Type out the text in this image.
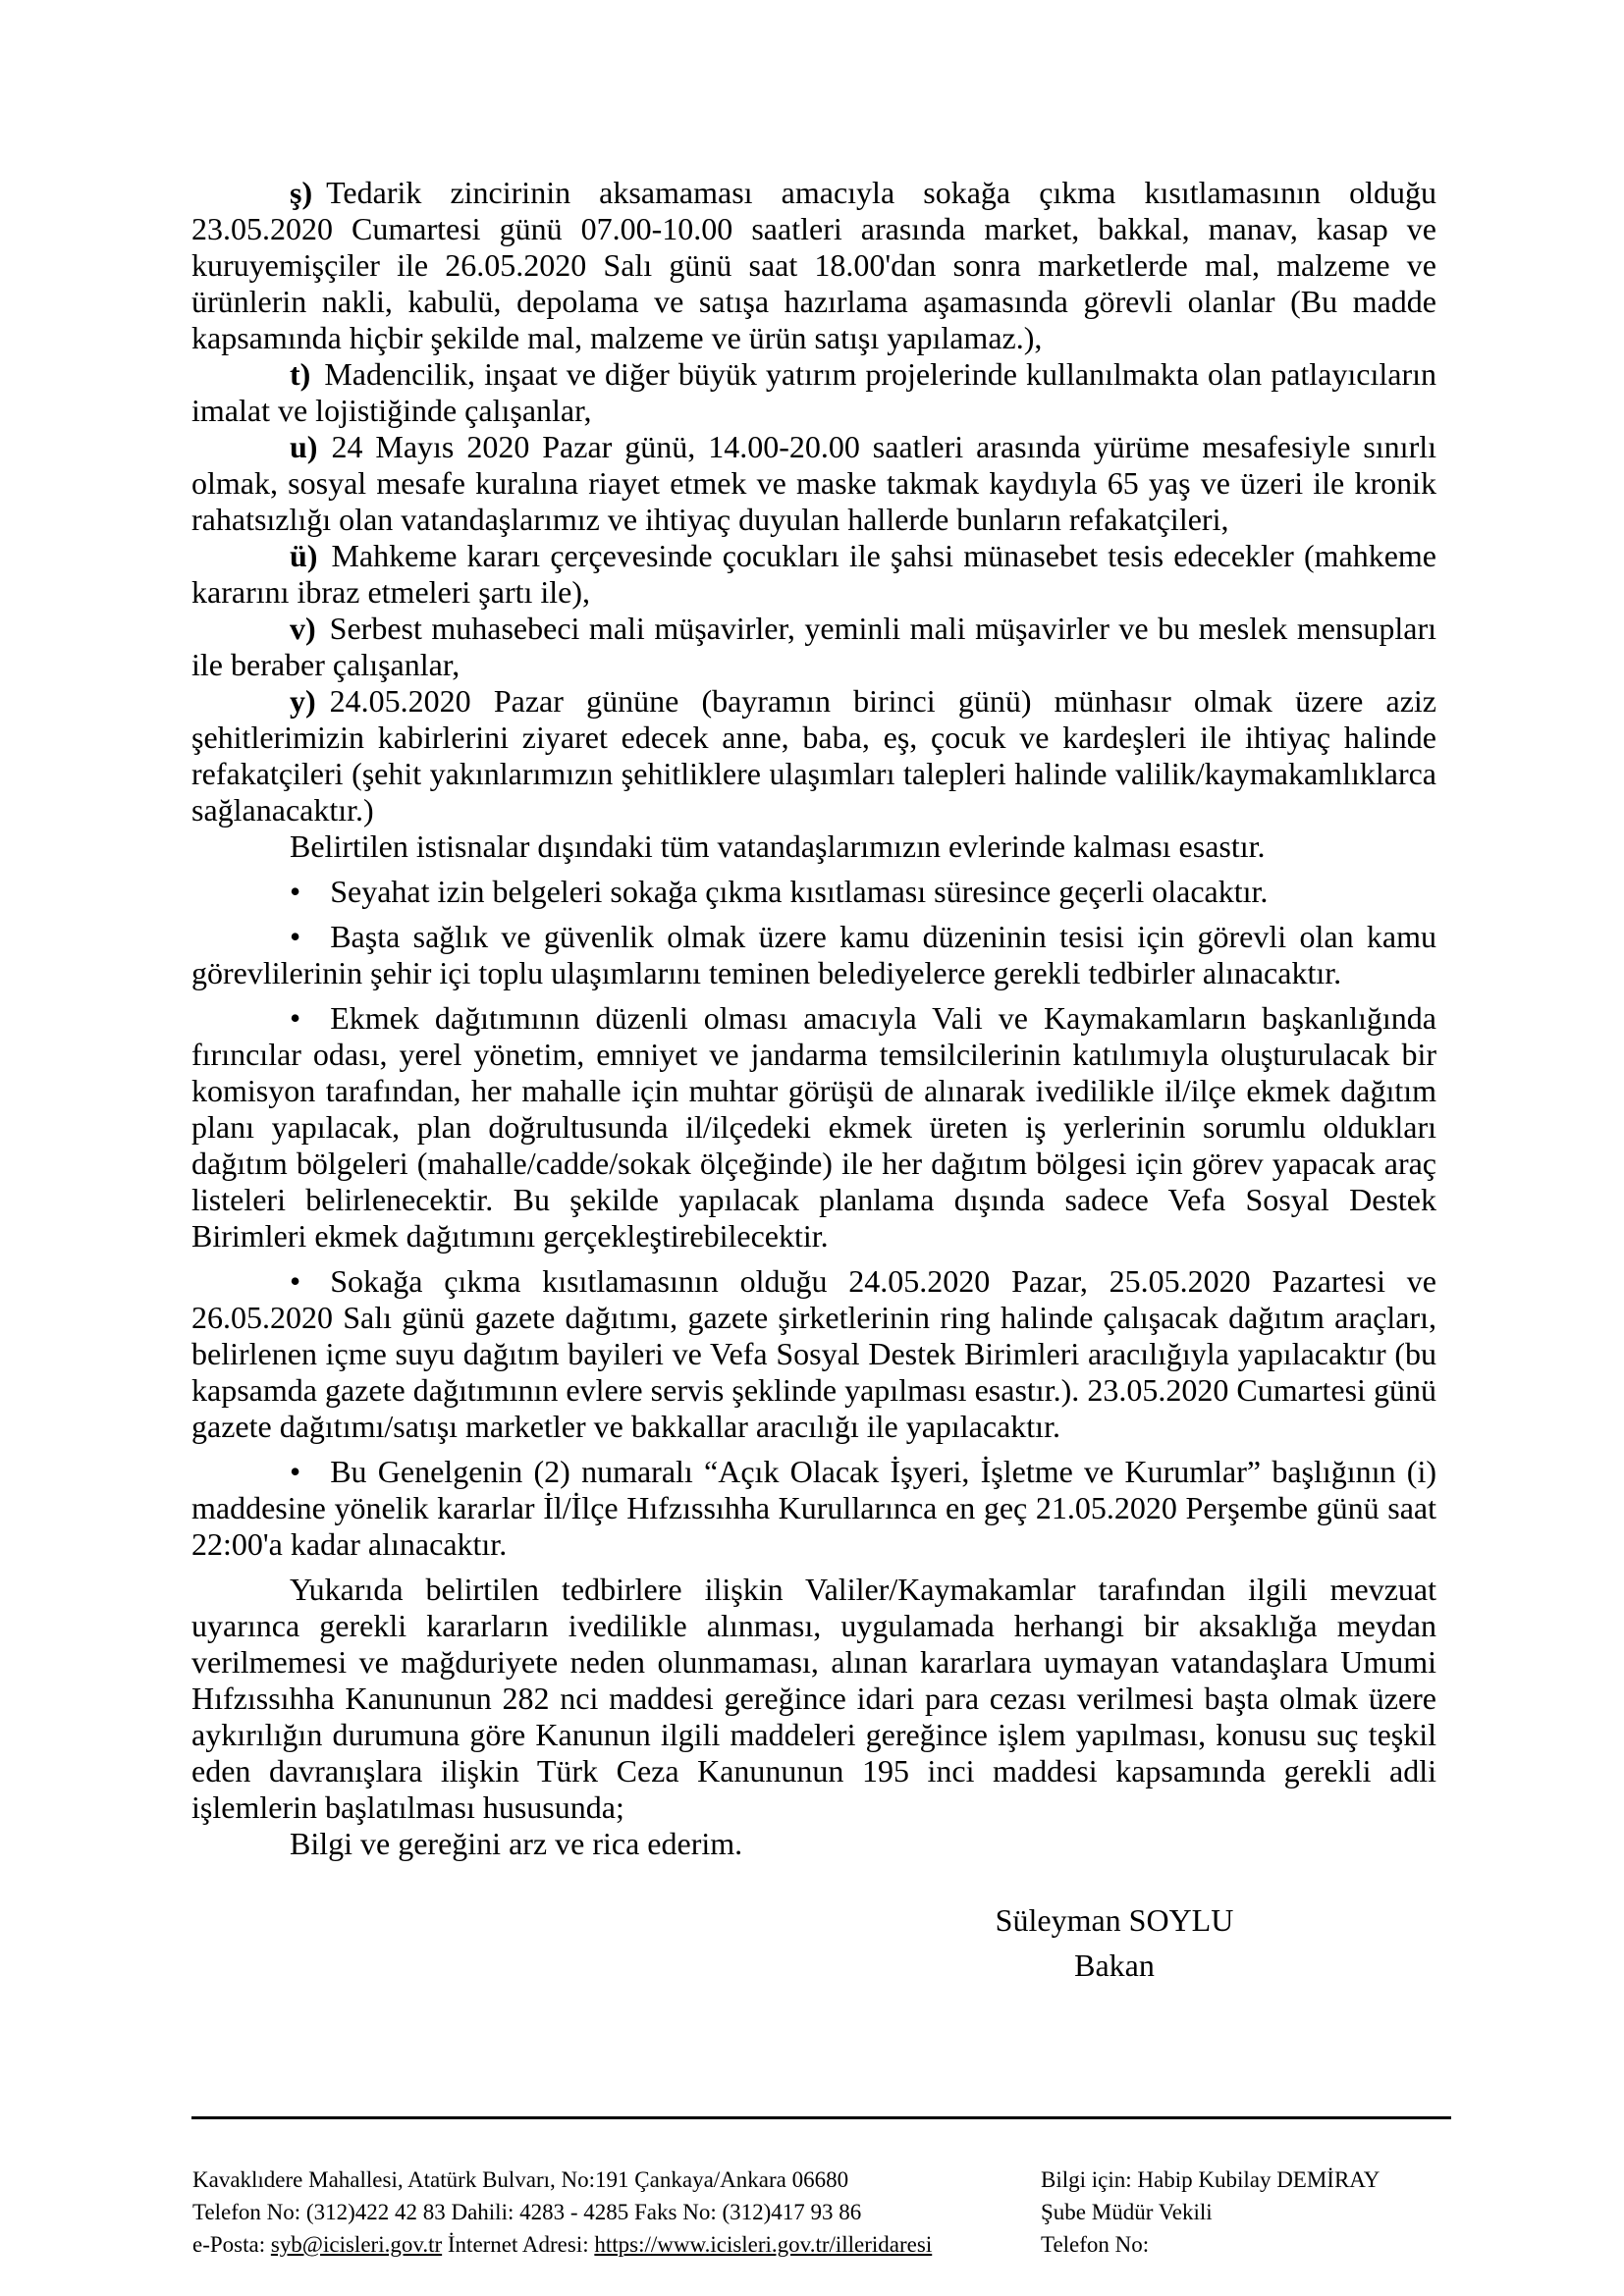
ş) Tedarik zincirinin aksamaması amacıyla sokağa çıkma kısıtlamasının olduğu 23.05.2020 Cumartesi günü 07.00-10.00 saatleri arasında market, bakkal, manav, kasap ve kuruyemişçiler ile 26.05.2020 Salı günü saat 18.00'dan sonra marketlerde mal, malzeme ve ürünlerin nakli, kabulü, depolama ve satışa hazırlama aşamasında görevli olanlar (Bu madde kapsamında hiçbir şekilde mal, malzeme ve ürün satışı yapılamaz.),

t) Madencilik, inşaat ve diğer büyük yatırım projelerinde kullanılmakta olan patlayıcıların imalat ve lojistiğinde çalışanlar,

u) 24 Mayıs 2020 Pazar günü, 14.00-20.00 saatleri arasında yürüme mesafesiyle sınırlı olmak, sosyal mesafe kuralına riayet etmek ve maske takmak kaydıyla 65 yaş ve üzeri ile kronik rahatsızlığı olan vatandaşlarımız ve ihtiyaç duyulan hallerde bunların refakatçileri,

ü) Mahkeme kararı çerçevesinde çocukları ile şahsi münasebet tesis edecekler (mahkeme kararını ibraz etmeleri şartı ile),

v) Serbest muhasebeci mali müşavirler, yeminli mali müşavirler ve bu meslek mensupları ile beraber çalışanlar,

y) 24.05.2020 Pazar gününe (bayramın birinci günü) münhasır olmak üzere aziz şehitlerimizin kabirlerini ziyaret edecek anne, baba, eş, çocuk ve kardeşleri ile ihtiyaç halinde refakatçileri (şehit yakınlarımızın şehitliklere ulaşımları talepleri halinde valilik/kaymakamlıklarca sağlanacaktır.)

Belirtilen istisnalar dışındaki tüm vatandaşlarımızın evlerinde kalması esastır.

• Seyahat izin belgeleri sokağa çıkma kısıtlaması süresince geçerli olacaktır.

• Başta sağlık ve güvenlik olmak üzere kamu düzeninin tesisi için görevli olan kamu görevlilerinin şehir içi toplu ulaşımlarını teminen belediyelerce gerekli tedbirler alınacaktır.

• Ekmek dağıtımının düzenli olması amacıyla Vali ve Kaymakamların başkanlığında fırıncılar odası, yerel yönetim, emniyet ve jandarma temsilcilerinin katılımıyla oluşturulacak bir komisyon tarafından, her mahalle için muhtar görüşü de alınarak ivedilikle il/ilçe ekmek dağıtım planı yapılacak, plan doğrultusunda il/ilçedeki ekmek üreten iş yerlerinin sorumlu oldukları dağıtım bölgeleri (mahalle/cadde/sokak ölçeğinde) ile her dağıtım bölgesi için görev yapacak araç listeleri belirlenecektir. Bu şekilde yapılacak planlama dışında sadece Vefa Sosyal Destek Birimleri ekmek dağıtımını gerçekleştirebilecektir.

• Sokağa çıkma kısıtlamasının olduğu 24.05.2020 Pazar, 25.05.2020 Pazartesi ve 26.05.2020 Salı günü gazete dağıtımı, gazete şirketlerinin ring halinde çalışacak dağıtım araçları, belirlenen içme suyu dağıtım bayileri ve Vefa Sosyal Destek Birimleri aracılığıyla yapılacaktır (bu kapsamda gazete dağıtımının evlere servis şeklinde yapılması esastır.). 23.05.2020 Cumartesi günü gazete dağıtımı/satışı marketler ve bakkallar aracılığı ile yapılacaktır.

• Bu Genelgenin (2) numaralı “Açık Olacak İşyeri, İşletme ve Kurumlar” başlığının (i) maddesine yönelik kararlar İl/İlçe Hıfzıssıhha Kurullarınca en geç 21.05.2020 Perşembe günü saat 22:00'a kadar alınacaktır.

Yukarıda belirtilen tedbirlere ilişkin Valiler/Kaymakamlar tarafından ilgili mevzuat uyarınca gerekli kararların ivedilikle alınması, uygulamada herhangi bir aksaklığa meydan verilmemesi ve mağduriyete neden olunmaması, alınan kararlara uymayan vatandaşlara Umumi Hıfzıssıhha Kanununun 282 nci maddesi gereğince idari para cezası verilmesi başta olmak üzere aykırılığın durumuna göre Kanunun ilgili maddeleri gereğince işlem yapılması, konusu suç teşkil eden davranışlara ilişkin Türk Ceza Kanununun 195 inci maddesi kapsamında gerekli adli işlemlerin başlatılması hususunda;

Bilgi ve gereğini arz ve rica ederim.

Süleyman SOYLU
Bakan
Kavaklıdere Mahallesi, Atatürk Bulvarı, No:191 Çankaya/Ankara 06680
Telefon No: (312)422 42 83 Dahili: 4283 - 4285 Faks No: (312)417 93 86
e-Posta: syb@icisleri.gov.tr İnternet Adresi: https://www.icisleri.gov.tr/illeridaresi
Bilgi için: Habip Kubilay DEMİRAY
Şube Müdür Vekili
Telefon No:
